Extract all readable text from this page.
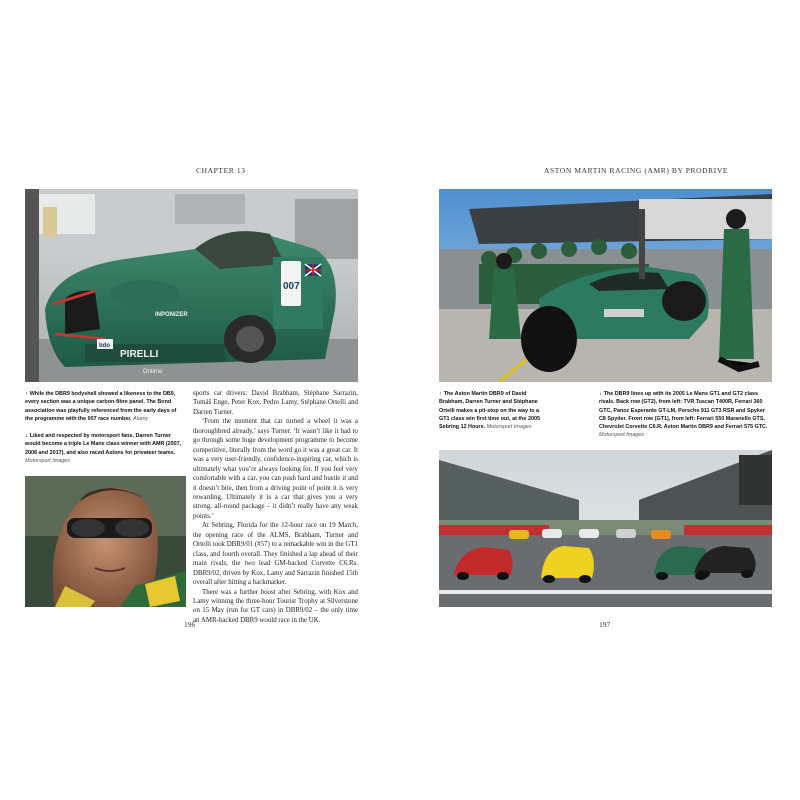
CHAPTER 13	ASTON MARTIN RACING (AMR) BY PRODRIVE
PIRELLI
INPONIZER
Ontime
bdo
007
↑ While the DBR9 bodyshell showed a likeness to the DB9, every section was a unique carbon-fibre panel. The Bond association was playfully referenced from the early days of the programme with the 007 race number. Alamy
↓ Liked and respected by motorsport fans, Darren Turner would become a triple Le Mans class winner with AMR (2007, 2008 and 2017), and also raced Astons for privateer teams. Motorsport Images

sports car drivers: David Brabham, Stéphane Sarrazin, Tomáš Enge, Peter Kox, Pedro Lamy, Stéphane Ortelli and Darren Turner.

‘From the moment that car turned a wheel it was a thoroughbred already,’ says Turner. ‘It wasn’t like it had to go through some huge development programme to become competitive, literally from the word go it was a great car. It was a very user-friendly, confidence-inspiring car, which is ultimately what you’re always looking for. If you feel very comfortable with a car, you can push hard and hustle it and it doesn’t bite, then from a driving point of point it is very rewarding. Ultimately it is a car that gives you a very strong, all-round package – it didn’t really have any weak points.’

At Sebring, Florida for the 12-hour race on 19 March, the opening race of the ALMS, Brabham, Turner and Ortelli took DBR9/01 (#57) to a remarkable win in the GT1 class, and fourth overall. They finished a lap ahead of their main rivals, the two lead GM-backed Corvette C6.Rs. DBR9/02, driven by Kox, Lamy and Sarrazin finished 15th overall after hitting a backmarker.

There was a further boost after Sebring, with Kox and Lamy winning the three-hour Tourist Trophy at Silverstone on 15 May (run for GT cars) in DBR9/02 – the only time an AMR-backed DBR9 would race in the UK.

↑ The Aston Martin DBR9 of David Brabham, Darren Turner and Stéphane Ortelli makes a pit-stop on the way to a GT1 class win first time out, at the 2005 Sebring 12 Hours. Motorsport Images
↓ The DBR9 lines up with its 2005 Le Mans GT1 and GT2 class rivals. Back row (GT2), from left: TVR Tuscan T400R, Ferrari 360 GTC, Panoz Esperante GT-LM, Porsche 911 GT3 RSR and Spyker C8 Spyder. Front row (GT1), from left: Ferrari 550 Maranello GTS, Chevrolet Corvette C6.R, Aston Martin DBR9 and Ferrari 575 GTC. Motorsport Images
196	197
